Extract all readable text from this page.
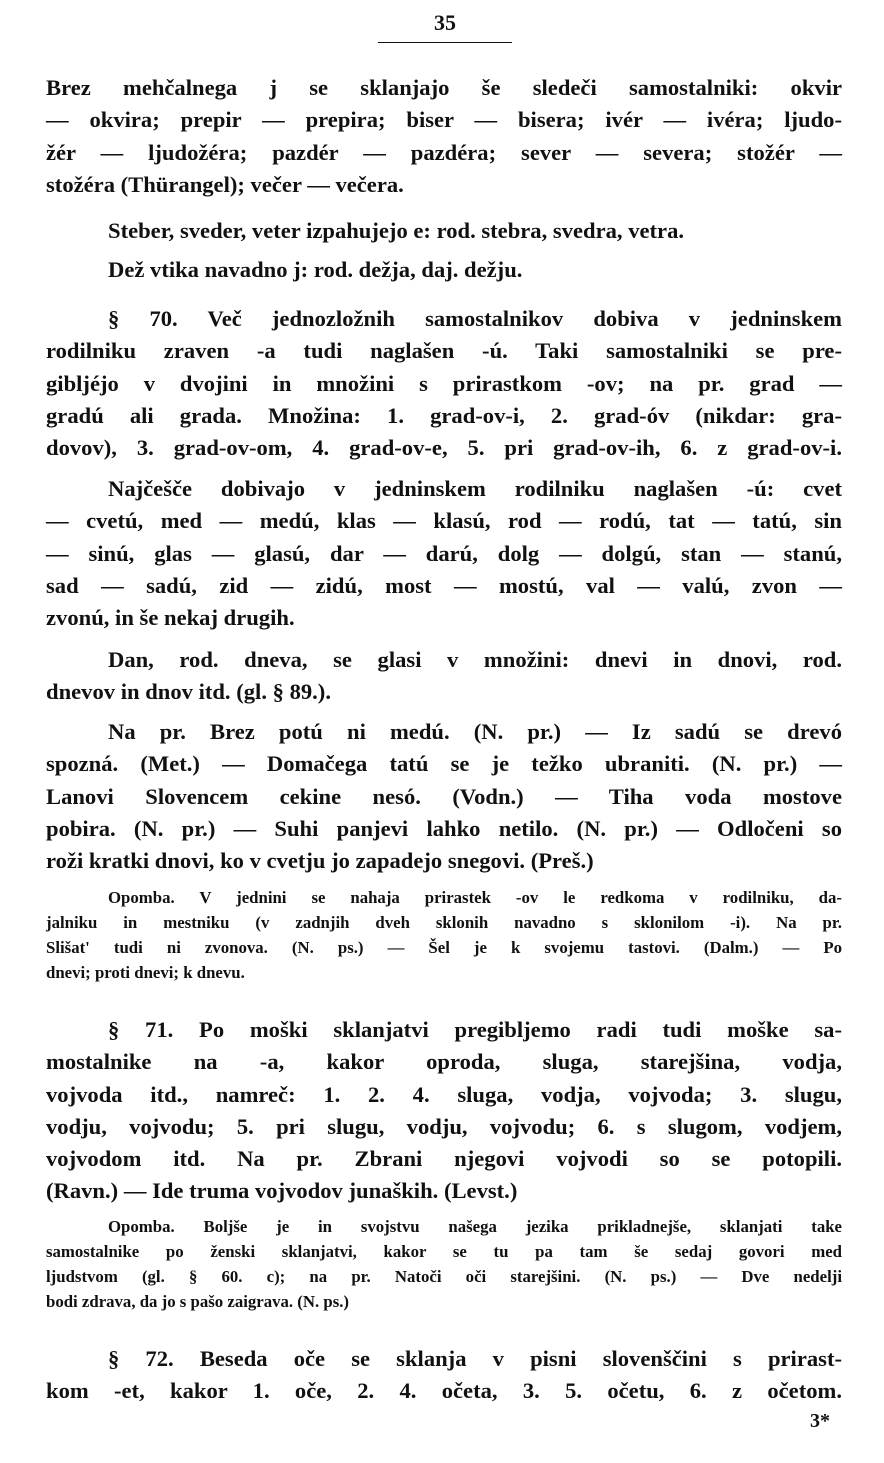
35
Brez mehčalnega j se sklanjajo še sledeči samostalniki: okvir
— okvira; prepir — prepira; biser — bisera; ivér — ivéra; ljudo-
žér — ljudožéra; pazdér — pazdéra; sever — severa; stožér —
stožéra (Thürangel); večer — večera.
Steber, sveder, veter izpahujejo e: rod. stebra, svedra, vetra.
Dež vtika navadno j: rod. dežja, daj. dežju.
§ 70. Več jednozložnih samostalnikov dobiva v jedninskem
rodilniku zraven -a tudi naglašen -ú. Taki samostalniki se pre-
gibljéjo v dvojini in množini s prirastkom -ov; na pr. grad —
gradú ali grada. Množina: 1. grad-ov-i, 2. grad-óv (nikdar: gra-
dovov), 3. grad-ov-om, 4. grad-ov-e, 5. pri grad-ov-ih, 6. z grad-ov-i.
Najčešče dobivajo v jedninskem rodilniku naglašen -ú: cvet
— cvetú, med — medú, klas — klasú, rod — rodú, tat — tatú, sin
— sinú, glas — glasú, dar — darú, dolg — dolgú, stan — stanú,
sad — sadú, zid — zidú, most — mostú, val — valú, zvon —
zvonú, in še nekaj drugih.
Dan, rod. dneva, se glasi v množini: dnevi in dnovi, rod.
dnevov in dnov itd. (gl. § 89.).
Na pr. Brez potú ni medú. (N. pr.) — Iz sadú se drevó
spozná. (Met.) — Domačega tatú se je težko ubraniti. (N. pr.) —
Lanovi Slovencem cekine nesó. (Vodn.) — Tiha voda mostove
pobira. (N. pr.) — Suhi panjevi lahko netilo. (N. pr.) — Odločeni so
roži kratki dnovi, ko v cvetju jo zapadejo snegovi. (Preš.)
Opomba. V jednini se nahaja prirastek -ov le redkoma v rodilniku, da-
jalniku in mestniku (v zadnjih dveh sklonih navadno s sklonilom -i). Na pr.
Slišat' tudi ni zvonova. (N. ps.) — Šel je k svojemu tastovi. (Dalm.) — Po
dnevi; proti dnevi; k dnevu.
§ 71. Po moški sklanjatvi pregibljemo radi tudi moške sa-
mostalnike na -a, kakor oproda, sluga, starejšina, vodja,
vojvoda itd., namreč: 1. 2. 4. sluga, vodja, vojvoda; 3. slugu,
vodju, vojvodu; 5. pri slugu, vodju, vojvodu; 6. s slugom, vodjem,
vojvodom itd. Na pr. Zbrani njegovi vojvodi so se potopili.
(Ravn.) — Ide truma vojvodov junaških. (Levst.)
Opomba. Boljše je in svojstvu našega jezika prikladnejše, sklanjati take
samostalnike po ženski sklanjatvi, kakor se tu pa tam še sedaj govori med
ljudstvom (gl. § 60. c); na pr. Natoči oči starejšini. (N. ps.) — Dve nedelji
bodi zdrava, da jo s pašo zaigrava. (N. ps.)
§ 72. Beseda oče se sklanja v pisni slovenščini s prirast-
kom -et, kakor 1. oče, 2. 4. očeta, 3. 5. očetu, 6. z očetom.
3*
